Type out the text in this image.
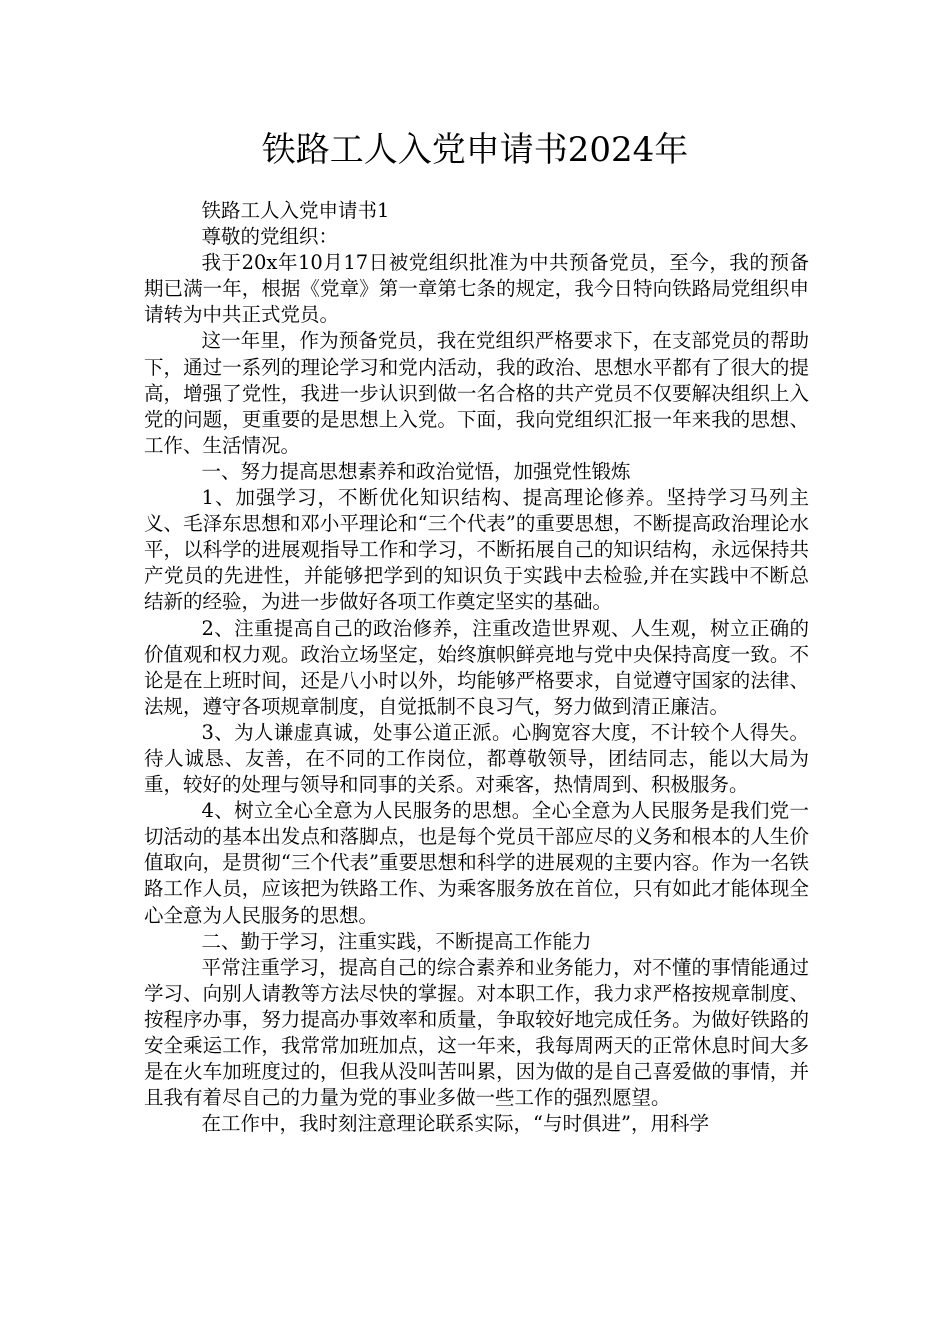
铁路工人入党申请书2024年

铁路工人入党申请书1

尊敬的党组织：

我于20x年10月17日被党组织批准为中共预备党员，至今，我的预备期已满一年，根据《党章》第一章第七条的规定，我今日特向铁路局党组织申请转为中共正式党员。

这一年里，作为预备党员，我在党组织严格要求下，在支部党员的帮助下，通过一系列的理论学习和党内活动，我的政治、思想水平都有了很大的提高，增强了党性，我进一步认识到做一名合格的共产党员不仅要解决组织上入党的问题，更重要的是思想上入党。下面，我向党组织汇报一年来我的思想、工作、生活情况。

一、努力提高思想素养和政治觉悟，加强党性锻炼

1、加强学习，不断优化知识结构、提高理论修养。坚持学习马列主义、毛泽东思想和邓小平理论和“三个代表”的重要思想，不断提高政治理论水平，以科学的进展观指导工作和学习，不断拓展自己的知识结构，永远保持共产党员的先进性，并能够把学到的知识负于实践中去检验,并在实践中不断总结新的经验，为进一步做好各项工作奠定坚实的基础。

2、注重提高自己的政治修养，注重改造世界观、人生观，树立正确的价值观和权力观。政治立场坚定，始终旗帜鲜亮地与党中央保持高度一致。不论是在上班时间，还是八小时以外，均能够严格要求，自觉遵守国家的法律、法规，遵守各项规章制度，自觉抵制不良习气，努力做到清正廉洁。

3、为人谦虚真诚，处事公道正派。心胸宽容大度，不计较个人得失。待人诚恳、友善，在不同的工作岗位，都尊敬领导，团结同志，能以大局为重，较好的处理与领导和同事的关系。对乘客，热情周到、积极服务。

4、树立全心全意为人民服务的思想。全心全意为人民服务是我们党一切活动的基本出发点和落脚点，也是每个党员干部应尽的义务和根本的人生价值取向，是贯彻“三个代表”重要思想和科学的进展观的主要内容。作为一名铁路工作人员，应该把为铁路工作、为乘客服务放在首位，只有如此才能体现全心全意为人民服务的思想。

二、勤于学习，注重实践，不断提高工作能力

平常注重学习，提高自己的综合素养和业务能力，对不懂的事情能通过学习、向别人请教等方法尽快的掌握。对本职工作，我力求严格按规章制度、按程序办事，努力提高办事效率和质量，争取较好地完成任务。为做好铁路的安全乘运工作，我常常加班加点，这一年来，我每周两天的正常休息时间大多是在火车加班度过的，但我从没叫苦叫累，因为做的是自己喜爱做的事情，并且我有着尽自己的力量为党的事业多做一些工作的强烈愿望。

在工作中，我时刻注意理论联系实际，“与时俱进”，用科学
